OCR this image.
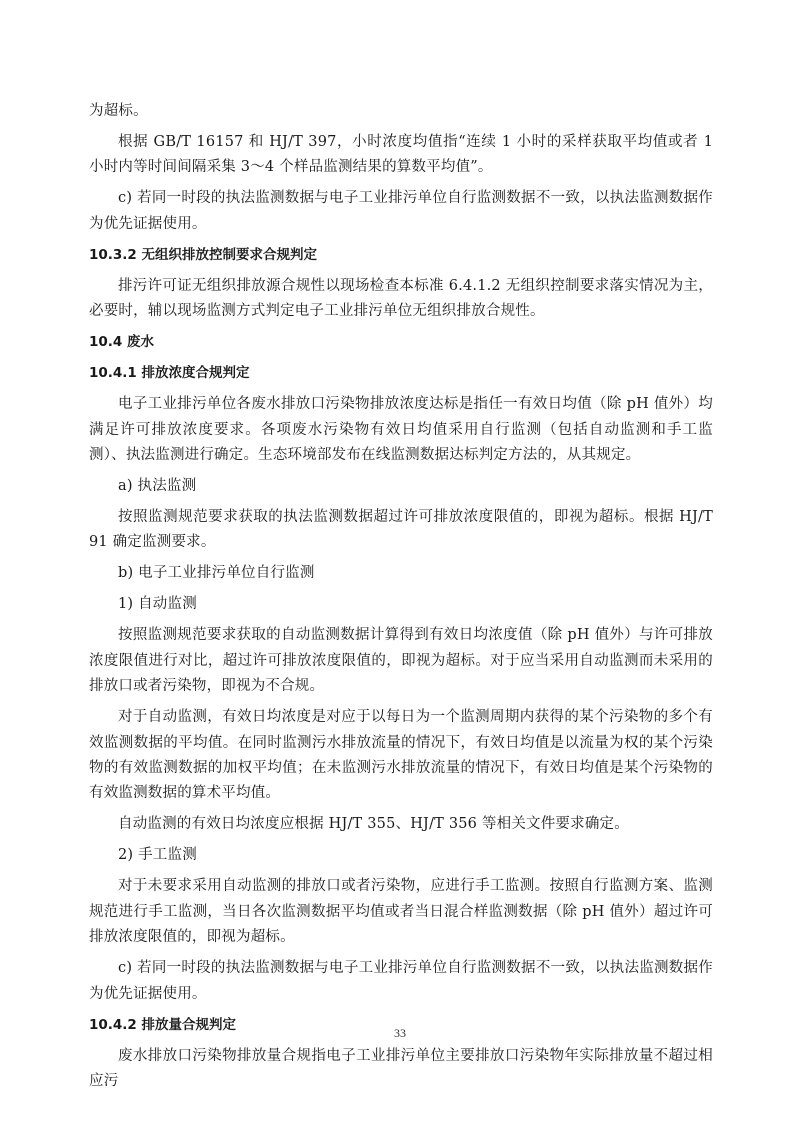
为超标。
根据 GB/T 16157 和 HJ/T 397，小时浓度均值指“连续 1 小时的采样获取平均值或者 1 小时内等时间间隔采集 3～4 个样品监测结果的算数平均值”。
c) 若同一时段的执法监测数据与电子工业排污单位自行监测数据不一致，以执法监测数据作为优先证据使用。
10.3.2 无组织排放控制要求合规判定
排污许可证无组织排放源合规性以现场检查本标准 6.4.1.2 无组织控制要求落实情况为主，必要时，辅以现场监测方式判定电子工业排污单位无组织排放合规性。
10.4 废水
10.4.1 排放浓度合规判定
电子工业排污单位各废水排放口污染物排放浓度达标是指任一有效日均值（除 pH 值外）均满足许可排放浓度要求。各项废水污染物有效日均值采用自行监测（包括自动监测和手工监测）、执法监测进行确定。生态环境部发布在线监测数据达标判定方法的，从其规定。
a) 执法监测
按照监测规范要求获取的执法监测数据超过许可排放浓度限值的，即视为超标。根据 HJ/T 91 确定监测要求。
b) 电子工业排污单位自行监测
1) 自动监测
按照监测规范要求获取的自动监测数据计算得到有效日均浓度值（除 pH 值外）与许可排放浓度限值进行对比，超过许可排放浓度限值的，即视为超标。对于应当采用自动监测而未采用的排放口或者污染物，即视为不合规。
对于自动监测，有效日均浓度是对应于以每日为一个监测周期内获得的某个污染物的多个有效监测数据的平均值。在同时监测污水排放流量的情况下，有效日均值是以流量为权的某个污染物的有效监测数据的加权平均值；在未监测污水排放流量的情况下，有效日均值是某个污染物的有效监测数据的算术平均值。
自动监测的有效日均浓度应根据 HJ/T 355、HJ/T 356 等相关文件要求确定。
2) 手工监测
对于未要求采用自动监测的排放口或者污染物，应进行手工监测。按照自行监测方案、监测规范进行手工监测，当日各次监测数据平均值或者当日混合样监测数据（除 pH 值外）超过许可排放浓度限值的，即视为超标。
c) 若同一时段的执法监测数据与电子工业排污单位自行监测数据不一致，以执法监测数据作为优先证据使用。
10.4.2 排放量合规判定
废水排放口污染物排放量合规指电子工业排污单位主要排放口污染物年实际排放量不超过相应污
33
